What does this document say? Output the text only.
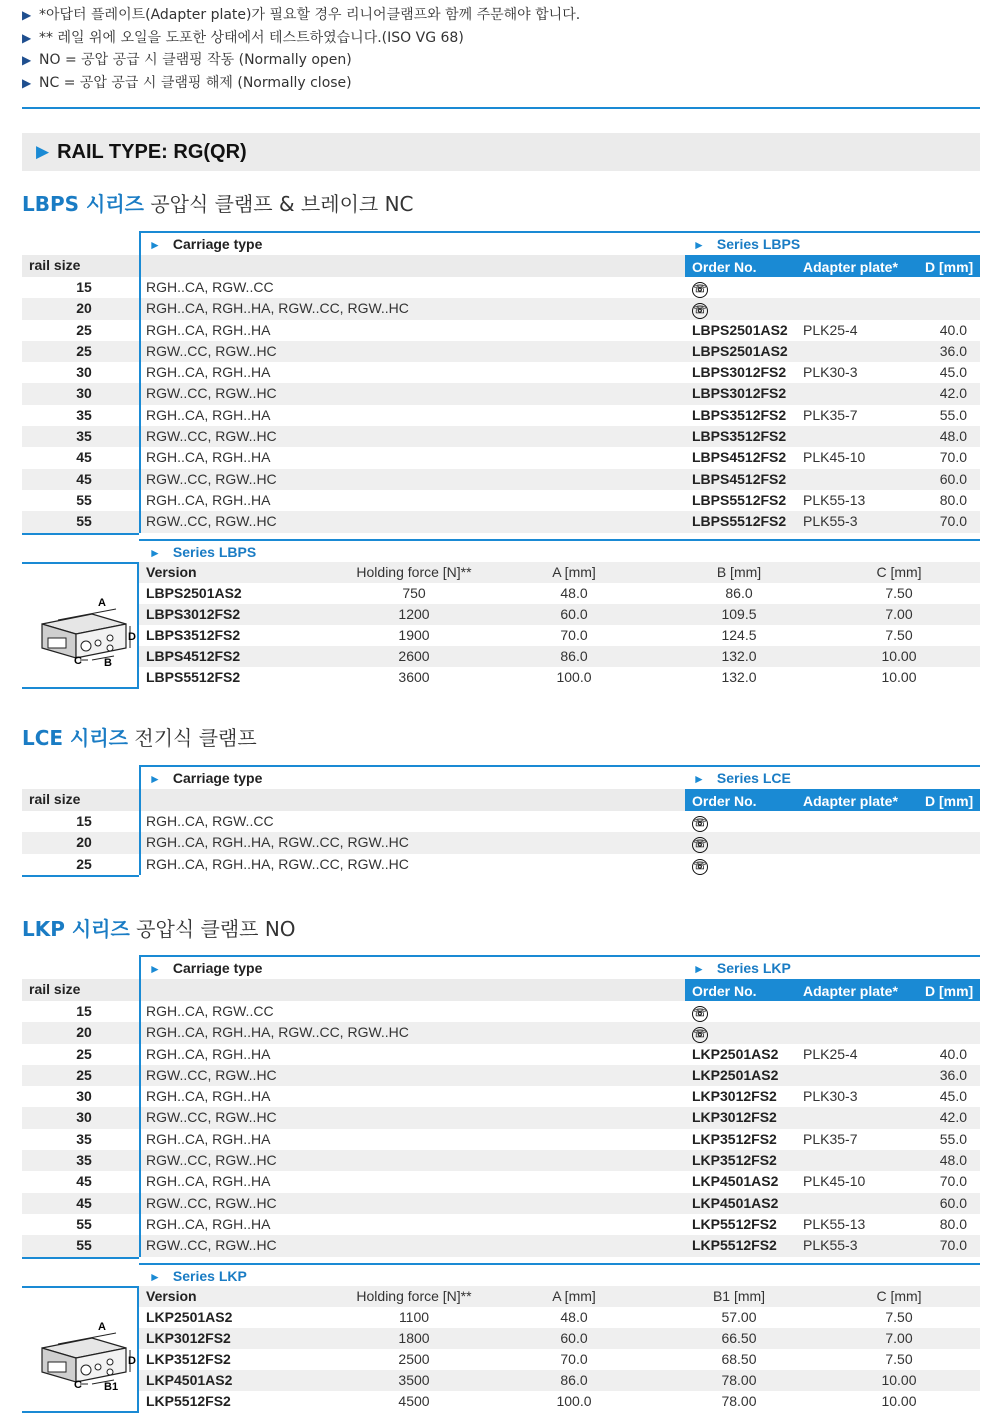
▶ *아답터 플레이트(Adapter plate)가 필요할 경우 리니어클램프와 함께 주문해야 합니다.
▶ ** 레일 위에 오일을 도포한 상태에서 테스트하였습니다.(ISO VG 68)
▶ NO = 공압 공급 시 클램핑 작동 (Normally open)
▶ NC = 공압 공급 시 클램핑 해제 (Normally close)
▶ RAIL TYPE: RG(QR)
LBPS 시리즈 공압식 클램프 & 브레이크 NC
► Carriage type	► Series LBPS
rail size	Order No.	Adapter plate* D [mm]
15	RGH..CA, RGW..CC	☏
20	RGH..CA, RGH..HA, RGW..CC, RGW..HC	☏
25	RGH..CA, RGH..HA	LBPS2501AS2 PLK25-4	40.0
25	RGW..CC, RGW..HC	LBPS2501AS2	36.0
30	RGH..CA, RGH..HA	LBPS3012FS2 PLK30-3	45.0
30	RGW..CC, RGW..HC	LBPS3012FS2	42.0
35	RGH..CA, RGH..HA	LBPS3512FS2 PLK35-7	55.0
35	RGW..CC, RGW..HC	LBPS3512FS2	48.0
45	RGH..CA, RGH..HA	LBPS4512FS2 PLK45-10	70.0
45	RGW..CC, RGW..HC	LBPS4512FS2	60.0
55	RGH..CA, RGH..HA	LBPS5512FS2 PLK55-13	80.0
55	RGW..CC, RGW..HC	LBPS5512FS2 PLK55-3	70.0
► Series LBPS
Version	Holding force [N]**	A [mm]	B [mm]	C [mm]
LBPS2501AS2	750	48.0	86.0	7.50
LBPS3012FS2	1200	60.0	109.5	7.00
LBPS3512FS2	1900	70.0	124.5	7.50
LBPS4512FS2	2600	86.0	132.0	10.00
LBPS5512FS2	3600	100.0	132.0	10.00
A
D
C B
LCE 시리즈 전기식 클램프
► Carriage type	► Series LCE
rail size	Order No.	Adapter plate* D [mm]
15	RGH..CA, RGW..CC	☏
20	RGH..CA, RGH..HA, RGW..CC, RGW..HC	☏
25	RGH..CA, RGH..HA, RGW..CC, RGW..HC	☏
LKP 시리즈 공압식 클램프 NO
► Carriage type	► Series LKP
rail size	Order No.	Adapter plate* D [mm]
15	RGH..CA, RGW..CC	☏
20	RGH..CA, RGH..HA, RGW..CC, RGW..HC	☏
25	RGH..CA, RGH..HA	LKP2501AS2 PLK25-4	40.0
25	RGW..CC, RGW..HC	LKP2501AS2	36.0
30	RGH..CA, RGH..HA	LKP3012FS2 PLK30-3	45.0
30	RGW..CC, RGW..HC	LKP3012FS2	42.0
35	RGH..CA, RGH..HA	LKP3512FS2 PLK35-7	55.0
35	RGW..CC, RGW..HC	LKP3512FS2	48.0
45	RGH..CA, RGH..HA	LKP4501AS2 PLK45-10	70.0
45	RGW..CC, RGW..HC	LKP4501AS2	60.0
55	RGH..CA, RGH..HA	LKP5512FS2 PLK55-13	80.0
55	RGW..CC, RGW..HC	LKP5512FS2 PLK55-3	70.0
► Series LKP
Version	Holding force [N]**	A [mm]	B1 [mm]	C [mm]
LKP2501AS2	1100	48.0	57.00	7.50
LKP3012FS2	1800	60.0	66.50	7.00
LKP3512FS2	2500	70.0	68.50	7.50
LKP4501AS2	3500	86.0	78.00	10.00
LKP5512FS2	4500	100.0	78.00	10.00
A
D
C B1
